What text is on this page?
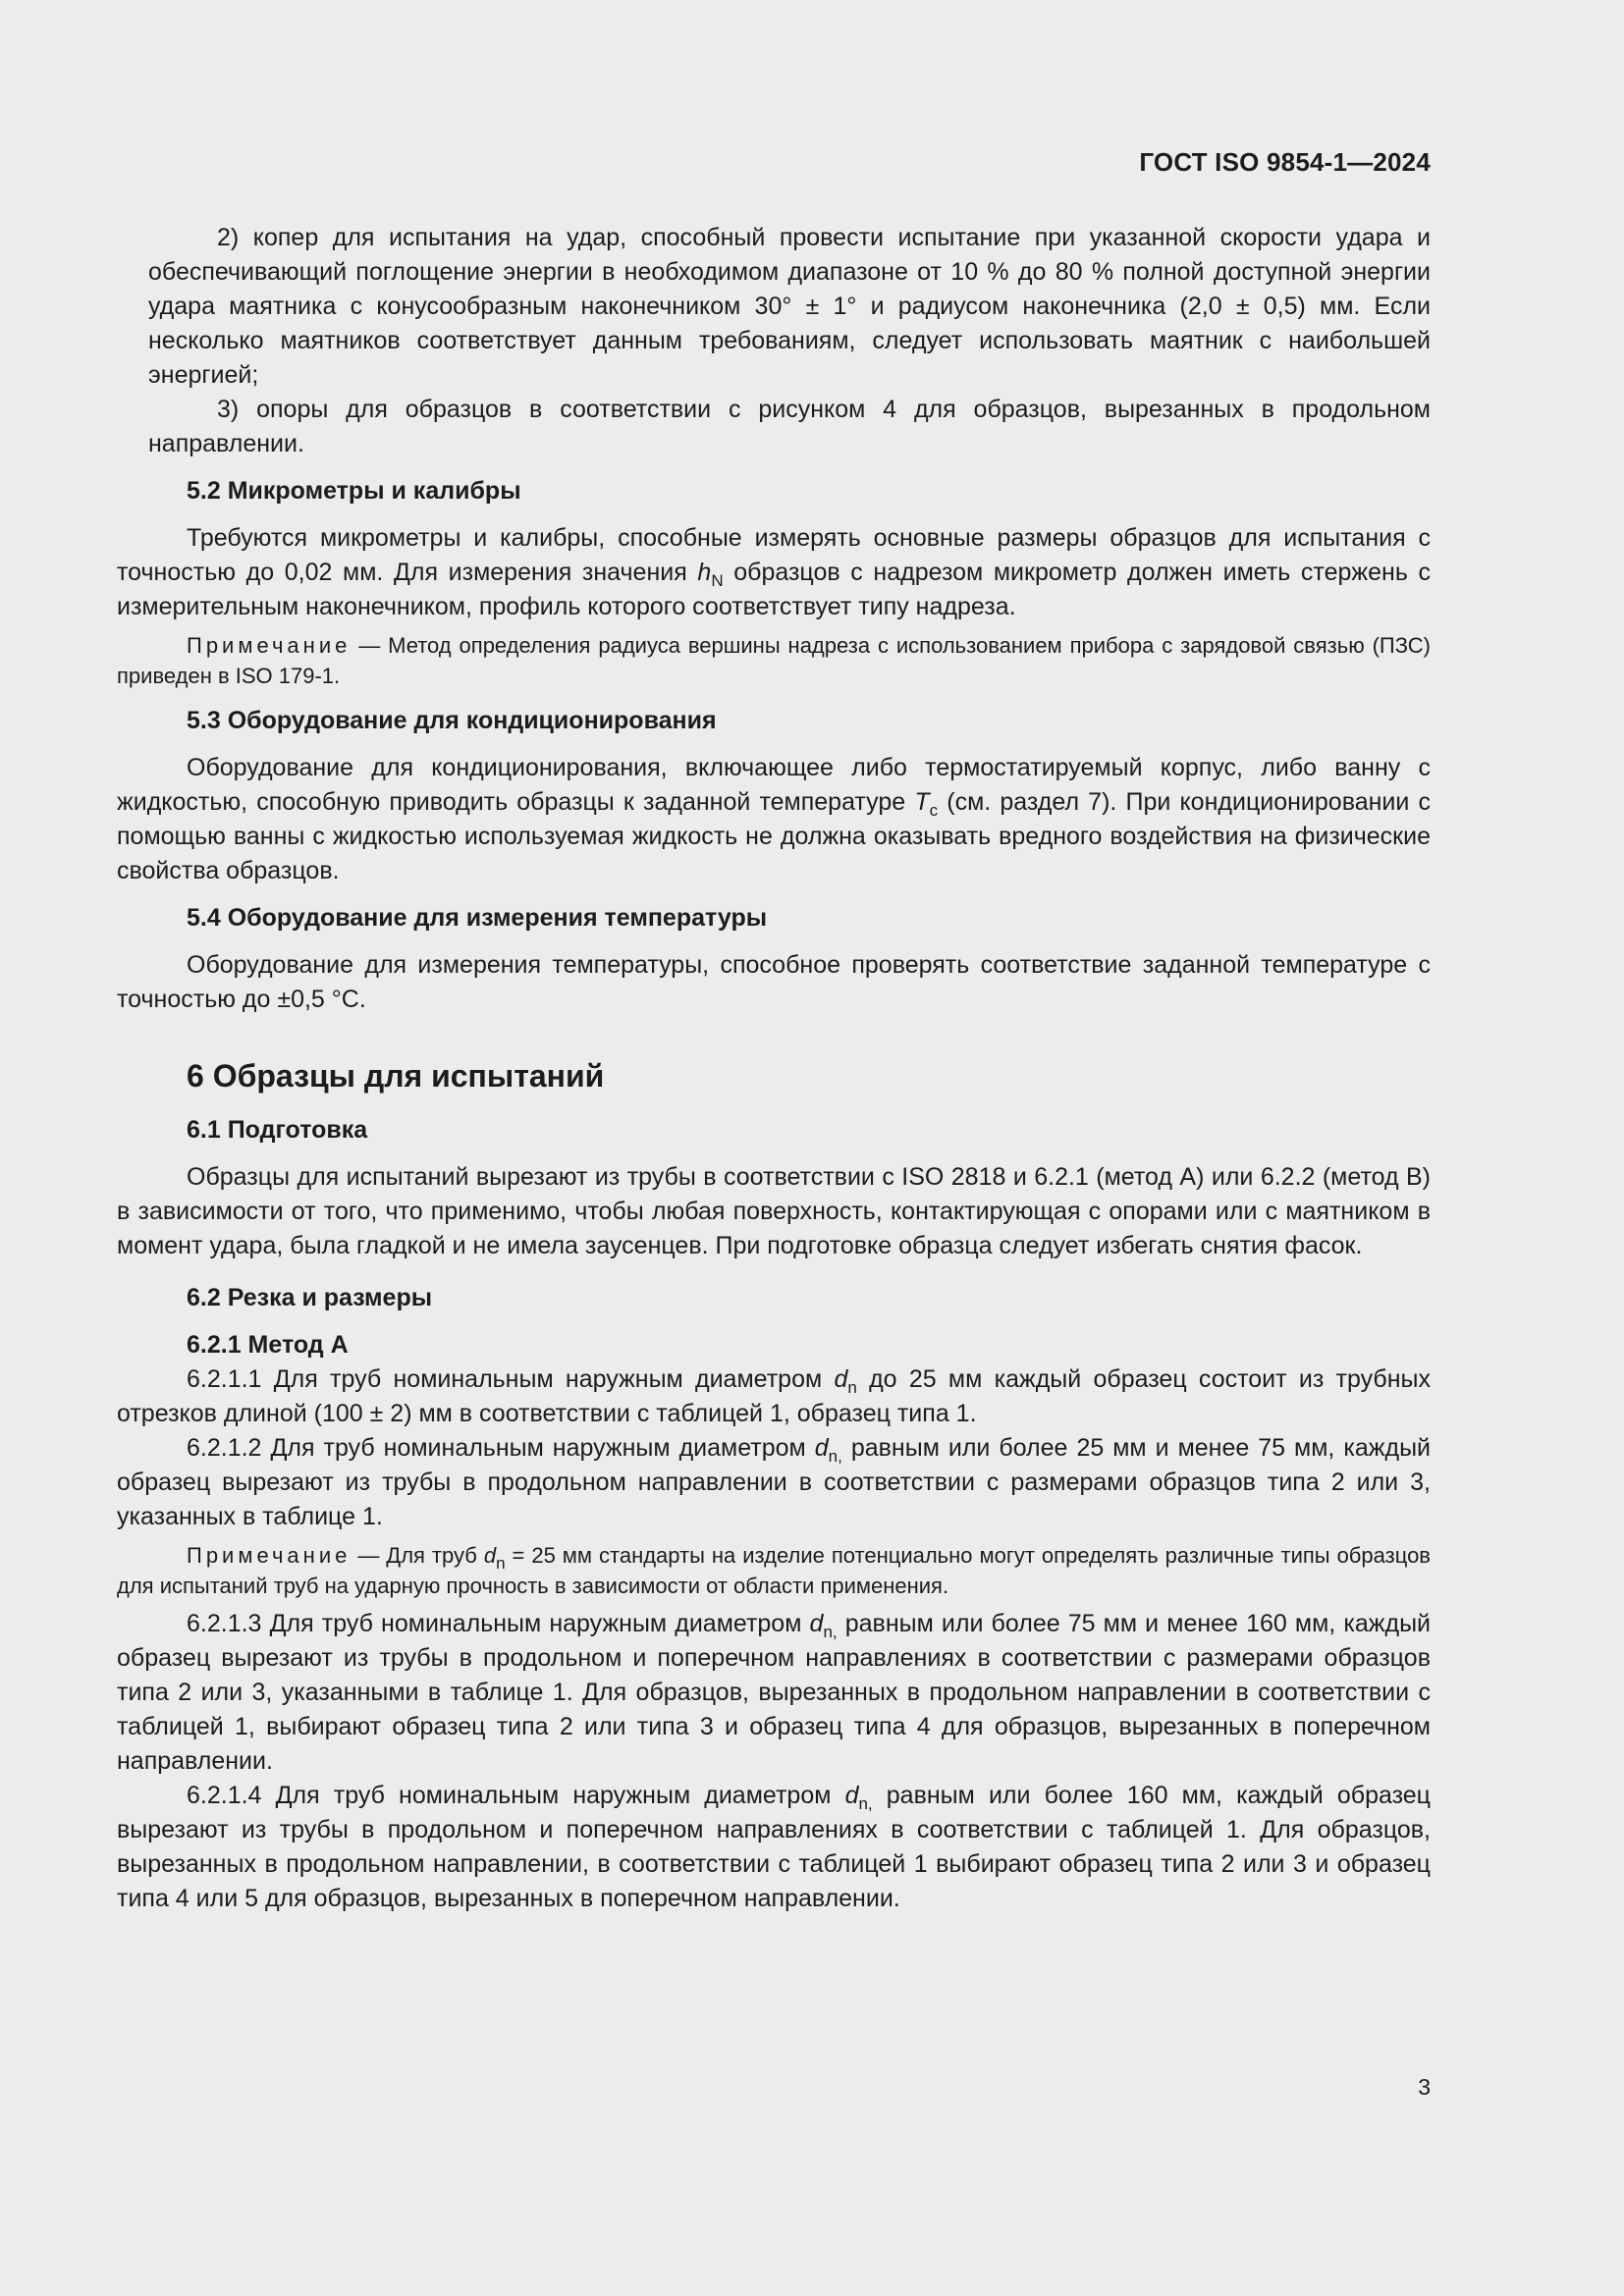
ГОСТ ISO 9854-1—2024

2) копер для испытания на удар, способный провести испытание при указанной скорости удара и обеспечивающий поглощение энергии в необходимом диапазоне от 10 % до 80 % полной доступной энергии удара маятника с конусообразным наконечником 30° ± 1° и радиусом наконечника (2,0 ± 0,5) мм. Если несколько маятников соответствует данным требованиям, следует использовать маятник с наибольшей энергией;

3) опоры для образцов в соответствии с рисунком 4 для образцов, вырезанных в продольном направлении.

5.2 Микрометры и калибры

Требуются микрометры и калибры, способные измерять основные размеры образцов для испытания с точностью до 0,02 мм. Для измерения значения $h_N$ образцов с надрезом микрометр должен иметь стержень с измерительным наконечником, профиль которого соответствует типу надреза.

Примечание — Метод определения радиуса вершины надреза с использованием прибора с зарядовой связью (ПЗС) приведен в ISO 179-1.

5.3 Оборудование для кондиционирования

Оборудование для кондиционирования, включающее либо термостатируемый корпус, либо ванну с жидкостью, способную приводить образцы к заданной температуре $T_c$ (см. раздел 7). При кондиционировании с помощью ванны с жидкостью используемая жидкость не должна оказывать вредного воздействия на физические свойства образцов.

5.4 Оборудование для измерения температуры

Оборудование для измерения температуры, способное проверять соответствие заданной температуре с точностью до ±0,5 °C.

6 Образцы для испытаний

6.1 Подготовка

Образцы для испытаний вырезают из трубы в соответствии с ISO 2818 и 6.2.1 (метод А) или 6.2.2 (метод В) в зависимости от того, что применимо, чтобы любая поверхность, контактирующая с опорами или с маятником в момент удара, была гладкой и не имела заусенцев. При подготовке образца следует избегать снятия фасок.

6.2 Резка и размеры

6.2.1 Метод А

6.2.1.1 Для труб номинальным наружным диаметром $d_n$ до 25 мм каждый образец состоит из трубных отрезков длиной (100 ± 2) мм в соответствии с таблицей 1, образец типа 1.

6.2.1.2 Для труб номинальным наружным диаметром $d_{n,}$ равным или более 25 мм и менее 75 мм, каждый образец вырезают из трубы в продольном направлении в соответствии с размерами образцов типа 2 или 3, указанных в таблице 1.

Примечание — Для труб $d_n = 25$ мм стандарты на изделие потенциально могут определять различные типы образцов для испытаний труб на ударную прочность в зависимости от области применения.

6.2.1.3 Для труб номинальным наружным диаметром $d_{n,}$ равным или более 75 мм и менее 160 мм, каждый образец вырезают из трубы в продольном и поперечном направлениях в соответствии с размерами образцов типа 2 или 3, указанными в таблице 1. Для образцов, вырезанных в продольном направлении в соответствии с таблицей 1, выбирают образец типа 2 или типа 3 и образец типа 4 для образцов, вырезанных в поперечном направлении.

6.2.1.4 Для труб номинальным наружным диаметром $d_{n,}$ равным или более 160 мм, каждый образец вырезают из трубы в продольном и поперечном направлениях в соответствии с таблицей 1. Для образцов, вырезанных в продольном направлении, в соответствии с таблицей 1 выбирают образец типа 2 или 3 и образец типа 4 или 5 для образцов, вырезанных в поперечном направлении.

3
